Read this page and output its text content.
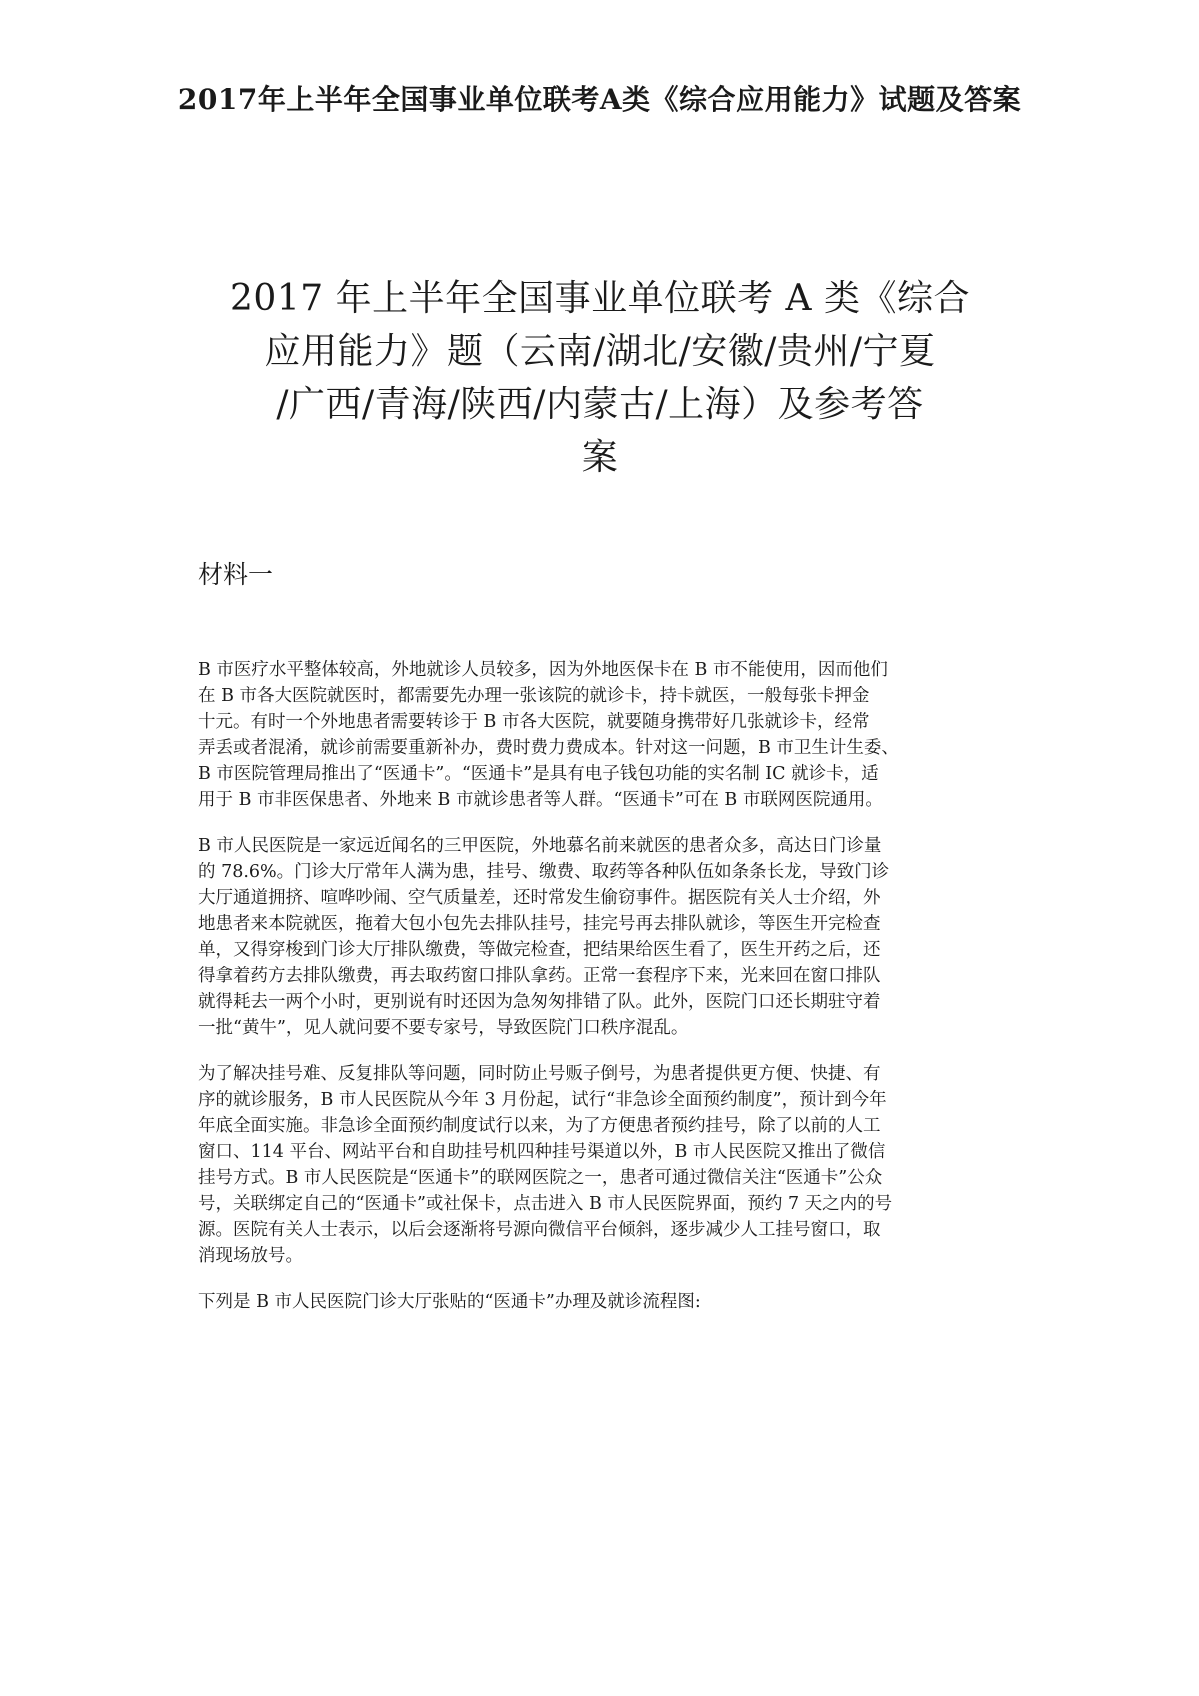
2017年上半年全国事业单位联考A类《综合应用能力》试题及答案
2017 年上半年全国事业单位联考 A 类《综合
应用能力》题（云南/湖北/安徽/贵州/宁夏
/广西/青海/陕西/内蒙古/上海）及参考答
案
材料一

B 市医疗水平整体较高，外地就诊人员较多，因为外地医保卡在 B 市不能使用，因而他们
在 B 市各大医院就医时，都需要先办理一张该院的就诊卡，持卡就医，一般每张卡押金
十元。有时一个外地患者需要转诊于 B 市各大医院，就要随身携带好几张就诊卡，经常
弄丢或者混淆，就诊前需要重新补办，费时费力费成本。针对这一问题，B 市卫生计生委、
B 市医院管理局推出了“医通卡”。“医通卡”是具有电子钱包功能的实名制 IC 就诊卡，适
用于 B 市非医保患者、外地来 B 市就诊患者等人群。“医通卡”可在 B 市联网医院通用。

B 市人民医院是一家远近闻名的三甲医院，外地慕名前来就医的患者众多，高达日门诊量
的 78.6%。门诊大厅常年人满为患，挂号、缴费、取药等各种队伍如条条长龙，导致门诊
大厅通道拥挤、喧哗吵闹、空气质量差，还时常发生偷窃事件。据医院有关人士介绍，外
地患者来本院就医，拖着大包小包先去排队挂号，挂完号再去排队就诊，等医生开完检查
单，又得穿梭到门诊大厅排队缴费，等做完检查，把结果给医生看了，医生开药之后，还
得拿着药方去排队缴费，再去取药窗口排队拿药。正常一套程序下来，光来回在窗口排队
就得耗去一两个小时，更别说有时还因为急匆匆排错了队。此外，医院门口还长期驻守着
一批“黄牛”，见人就问要不要专家号，导致医院门口秩序混乱。

为了解决挂号难、反复排队等问题，同时防止号贩子倒号，为患者提供更方便、快捷、有
序的就诊服务，B 市人民医院从今年 3 月份起，试行“非急诊全面预约制度”，预计到今年
年底全面实施。非急诊全面预约制度试行以来，为了方便患者预约挂号，除了以前的人工
窗口、114 平台、网站平台和自助挂号机四种挂号渠道以外，B 市人民医院又推出了微信
挂号方式。B 市人民医院是“医通卡”的联网医院之一，患者可通过微信关注“医通卡”公众
号，关联绑定自己的“医通卡”或社保卡，点击进入 B 市人民医院界面，预约 7 天之内的号
源。医院有关人士表示，以后会逐渐将号源向微信平台倾斜，逐步减少人工挂号窗口，取
消现场放号。

下列是 B 市人民医院门诊大厅张贴的“医通卡”办理及就诊流程图:
